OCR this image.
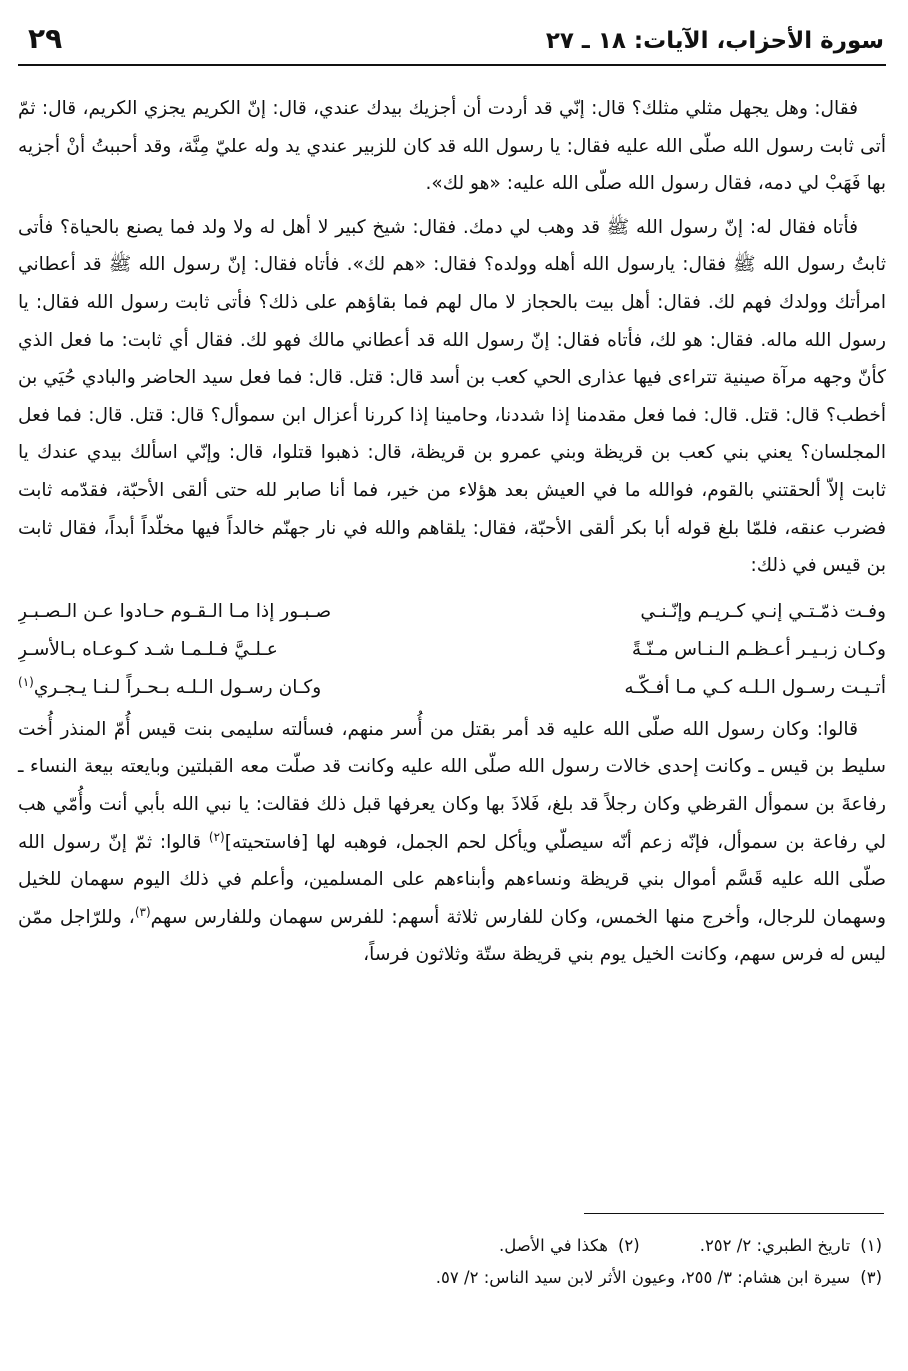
سورة الأحزاب، الآيات: ١٨ ـ ٢٧
٢٩

فقال: وهل يجهل مثلي مثلك؟ قال: إنّي قد أردت أن أجزيك بيدك عندي، قال: إنّ الكريم يجزي الكريم، قال: ثمّ أتى ثابت رسول الله صلّى الله عليه فقال: يا رسول الله قد كان للزبير عندي يد وله عليّ مِنَّة، وقد أحببتُ أنْ أجزيه بها فَهَبْ لي دمه، فقال رسول الله صلّى الله عليه: «هو لك».

فأتاه فقال له: إنّ رسول الله ﷺ قد وهب لي دمك. فقال: شيخ كبير لا أهل له ولا ولد فما يصنع بالحياة؟ فأتى ثابتُ رسول الله ﷺ فقال: يارسول الله أهله وولده؟ فقال: «هم لك». فأتاه فقال: إنّ رسول الله ﷺ قد أعطاني امرأتك وولدك فهم لك. فقال: أهل بيت بالحجاز لا مال لهم فما بقاؤهم على ذلك؟ فأتى ثابت رسول الله فقال: يا رسول الله ماله. فقال: هو لك، فأتاه فقال: إنّ رسول الله قد أعطاني مالك فهو لك. فقال أي ثابت: ما فعل الذي كأنّ وجهه مرآة صينية تتراءى فيها عذارى الحي كعب بن أسد قال: قتل. قال: فما فعل سيد الحاضر والبادي حُيَي بن أخطب؟ قال: قتل. قال: فما فعل مقدمنا إذا شددنا، وحامينا إذا كررنا أعزال ابن سموأل؟ قال: قتل. قال: فما فعل المجلسان؟ يعني بني كعب بن قريظة وبني عمرو بن قريظة، قال: ذهبوا قتلوا، قال: وإنّي اسألك بيدي عندك يا ثابت إلاّ ألحقتني بالقوم، فوالله ما في العيش بعد هؤلاء من خير، فما أنا صابر لله حتى ألقى الأحبّة، فقدّمه ثابت فضرب عنقه، فلمّا بلغ قوله أبا بكر ألقى الأحبّة، فقال: يلقاهم والله في نار جهنّم خالداً فيها مخلّداً أبداً، فقال ثابت بن قيس في ذلك:

وفـت ذمّـتـي إنـي كـريـم وإنّـنـي
صـبـور إذا مـا الـقـوم حـادوا عـن الـصـبـرِ
وكـان زبـيـر أعـظـم الـنـاس مـنّـةً
عـلـيَّ فـلـمـا شـد كـوعـاه بـالأسـرِ
أتـيـت رسـول الـلـه كـي مـا أفـكّـه
وكـان رسـول الـلـه بـحـراً لـنـا يـجـري$^{(١)}$

قالوا: وكان رسول الله صلّى الله عليه قد أمر بقتل من أُسر منهم، فسألته سليمى بنت قيس أُمّ المنذر أُخت سليط بن قيس ـ وكانت إحدى خالات رسول الله صلّى الله عليه وكانت قد صلّت معه القبلتين وبايعته بيعة النساء ـ رفاعةَ بن سموأل القرظي وكان رجلاً قد بلغ، فَلاذَ بها وكان يعرفها قبل ذلك فقالت: يا نبي الله بأبي أنت وأُمّي هب لي رفاعة بن سموأل، فإنّه زعم أنّه سيصلّي ويأكل لحم الجمل، فوهبه لها [فاستحيته]$^{(٢)}$ قالوا: ثمّ إنّ رسول الله صلّى الله عليه قَسَّم أموال بني قريظة ونساءهم وأبناءهم على المسلمين، وأعلم في ذلك اليوم سهمان للخيل وسهمان للرجال، وأخرج منها الخمس، وكان للفارس ثلاثة أسهم: للفرس سهمان وللفارس سهم$^{(٣)}$، وللرّاجل ممّن ليس له فرس سهم، وكانت الخيل يوم بني قريظة ستّة وثلاثون فرساً،

(١)تاريخ الطبري: ٢/ ٢٥٢.
(٢)هكذا في الأصل.
(٣)سيرة ابن هشام: ٣/ ٢٥٥، وعيون الأثر لابن سيد الناس: ٢/ ٥٧.
